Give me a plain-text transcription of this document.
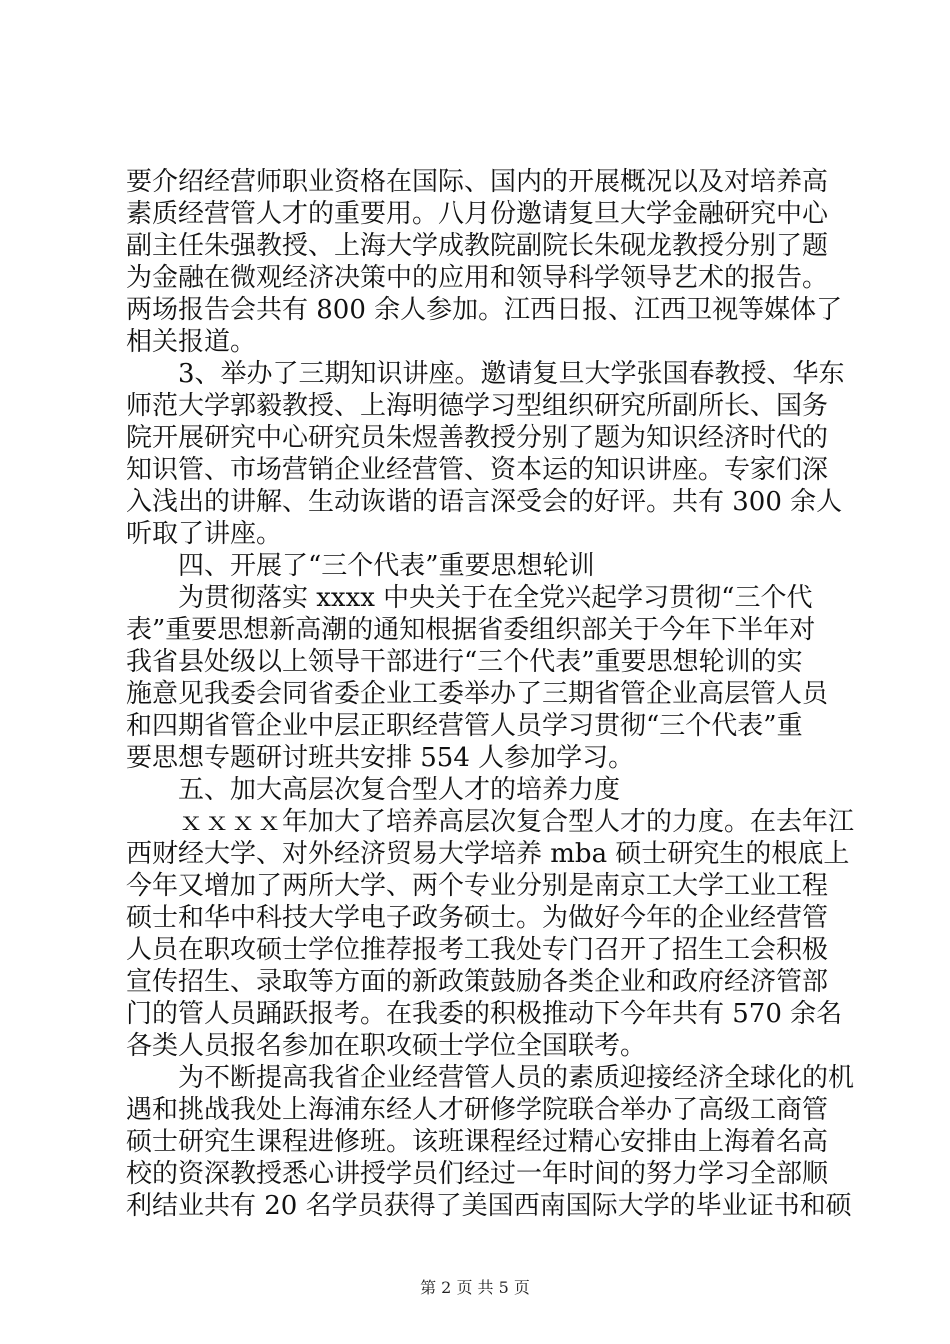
要介绍经营师职业资格在国际、国内的开展概况以及对培养高
素质经营管人才的重要用。八月份邀请复旦大学金融研究中心
副主任朱强教授、上海大学成教院副院长朱砚龙教授分别了题
为金融在微观经济决策中的应用和领导科学领导艺术的报告。
两场报告会共有 800 余人参加。江西日报、江西卫视等媒体了
相关报道。
3、举办了三期知识讲座。邀请复旦大学张国春教授、华东
师范大学郭毅教授、上海明德学习型组织研究所副所长、国务
院开展研究中心研究员朱煜善教授分别了题为知识经济时代的
知识管、市场营销企业经营管、资本运的知识讲座。专家们深
入浅出的讲解、生动诙谐的语言深受会的好评。共有 300 余人
听取了讲座。
四、开展了“三个代表”重要思想轮训
为贯彻落实 xxxx 中央关于在全党兴起学习贯彻“三个代
表”重要思想新高潮的通知根据省委组织部关于今年下半年对
我省县处级以上领导干部进行“三个代表”重要思想轮训的实
施意见我委会同省委企业工委举办了三期省管企业高层管人员
和四期省管企业中层正职经营管人员学习贯彻“三个代表”重
要思想专题研讨班共安排 554 人参加学习。
五、加大高层次复合型人才的培养力度
ｘｘｘｘ年加大了培养高层次复合型人才的力度。在去年江
西财经大学、对外经济贸易大学培养 mba 硕士研究生的根底上
今年又增加了两所大学、两个专业分别是南京工大学工业工程
硕士和华中科技大学电子政务硕士。为做好今年的企业经营管
人员在职攻硕士学位推荐报考工我处专门召开了招生工会积极
宣传招生、录取等方面的新政策鼓励各类企业和政府经济管部
门的管人员踊跃报考。在我委的积极推动下今年共有 570 余名
各类人员报名参加在职攻硕士学位全国联考。
为不断提高我省企业经营管人员的素质迎接经济全球化的机
遇和挑战我处上海浦东经人才研修学院联合举办了高级工商管
硕士研究生课程进修班。该班课程经过精心安排由上海着名高
校的资深教授悉心讲授学员们经过一年时间的努力学习全部顺
利结业共有 20 名学员获得了美国西南国际大学的毕业证书和硕
第 2 页 共 5 页
